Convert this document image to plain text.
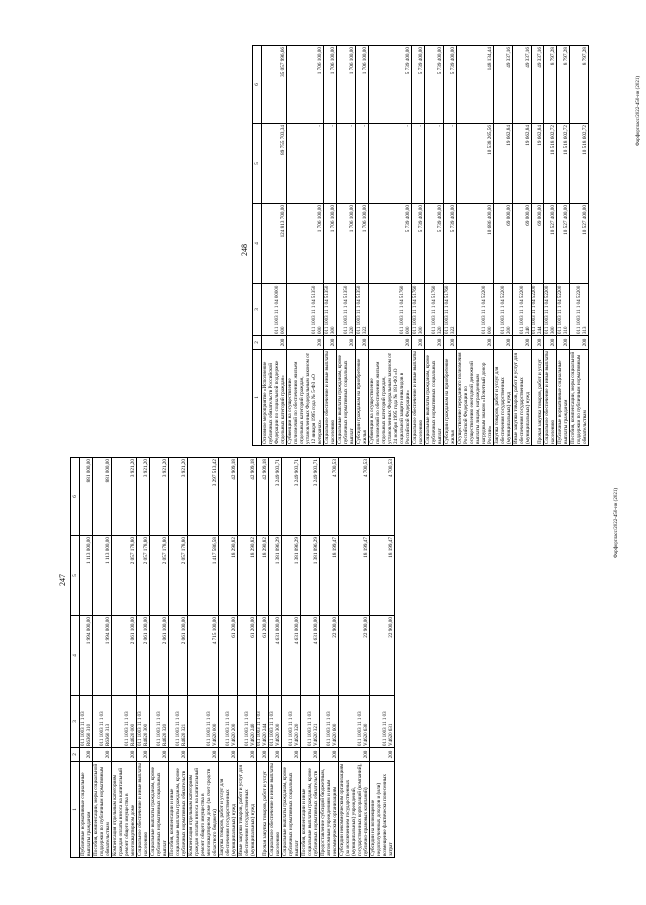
247
1	2	3	4	5	6
Публичные нормативные социальные выплаты гражданам	200	011 1003 11 1 03 R6360 310	1 994 000,00	1 113 000,00	881 000,00
Пособия, компенсации, меры социальной поддержки по публичным нормативным обязательствам	200	011 1003 11 1 03 R6360 313	1 994 000,00	1 113 000,00	881 000,00
Компенсация отдельным категориям граждан оплаты взноса на капитальный ремонт общего имущества в многоквартирном доме	200	011 1003 11 1 03 R4620 000	2 061 100,00	2 057 178,80	3 921,20
Социальное обеспечение и иные выплаты населению	200	011 1003 11 1 03 R4620 300	2 061 100,00	2 057 178,80	3 921,20
Социальные выплаты гражданам, кроме публичных нормативных социальных выплат	200	011 1003 11 1 03 R4620 320	2 061 100,00	2 057 178,80	3 921,20
Пособия, компенсации и иные социальные выплаты гражданам, кроме публичных нормативных обязательств	200	011 1003 11 1 03 R4620 321	2 061 100,00	2 057 178,80	3 921,20
Компенсация отдельным категориям граждан оплаты взноса на капитальный ремонт общего имущества в многоквартирном доме (за счет средств областного бюджета)	200	011 1003 11 1 03 V4620 000	4 715 100,00	1 417 586,58	3 297 513,42
Закупка товаров, работ и услуг для обеспечения государственных (муниципальных) нужд	200	011 1003 11 1 03 V4620 200	61 200,00	18 290,82	42 909,18
Иные закупки товаров, работ и услуг для обеспечения государственных (муниципальных) нужд	200	011 1003 11 1 03 V4620 240	61 200,00	18 290,82	42 909,18
Прочая закупка товаров, работ и услуг	200	011 1003 11 1 03 V4620 244	61 200,00	18 290,82	42 909,18
Социальное обеспечение и иные выплаты населению	200	011 1003 11 1 03 V4620 300	4 631 000,00	1 381 096,29	3 249 903,71
Социальные выплаты гражданам, кроме публичных нормативных социальных выплат	200	011 1003 11 1 03 V4620 320	4 631 000,00	1 381 096,29	3 249 903,71
Пособия, компенсации и иные социальные выплаты гражданам, кроме публичных нормативных обязательств	200	011 1003 11 1 03 V4620 321	4 631 000,00	1 381 096,29	3 249 903,71
Предоставление субсидий бюджетным, автономным учреждениям и иным некоммерческим организациям	200	011 1003 11 1 03 V4620 600	22 900,00	18 199,47	4 700,53
Субсидии некоммерческим организациям (за исключением государственных (муниципальных) учреждений, государственных корпораций (компаний), публично-правовых компаний)	200	011 1003 11 1 03 V4620 630	22 900,00	18 199,47	4 700,53
Субсидии на возмещение недополученных доходов и (или) возмещение фактически понесенных затрат	200	011 1003 11 1 03 V4620 631	22 900,00	18 199,47	4 700,53
Фарфоргласс/2022-450-нн (2021)
248
1	2	3	4	5	6
Основное мероприятие «Исполнение публичных обязательств Российской Федерации по социальной поддержке отдельных категорий граждан»	200	011 1003 11 1 04 00000 000	124 813 700,00	89 755 703,34	35 057 996,66
Субвенции на осуществление полномочий по обеспечению жильем отдельных категорий граждан, установленных Федеральным законом от 12 января 1995 года № 5-ФЗ «О ветеранах»	200	011 1003 11 1 04 51350 000	1 706 100,00	-	1 706 100,00
Социальное обеспечение и иные выплаты населению	200	011 1003 11 1 04 51350 300	1 706 100,00	-	1 706 100,00
Социальные выплаты гражданам, кроме публичных нормативных социальных выплат	200	011 1003 11 1 04 51350 320	1 706 100,00	-	1 706 100,00
Субсидии гражданам на приобретение жилья	200	011 1003 11 1 04 51350 322	1 706 100,00	-	1 706 100,00
Субвенции на осуществление полномочий по обеспечению жильем отдельных категорий граждан, установленных Федеральным законом от 24 ноября 1995 года № 181-ФЗ «О социальной защите инвалидов в Российской Федерации»	200	011 1003 11 1 04 51760 000	5 739 400,00	-	5 739 400,00
Социальное обеспечение и иные выплаты населению	200	011 1003 11 1 04 51760 300	5 739 400,00	-	5 739 400,00
Социальные выплаты гражданам, кроме публичных нормативных социальных выплат	200	011 1003 11 1 04 51760 320	5 739 400,00	-	5 739 400,00
Субсидии гражданам на приобретение жилья	200	011 1003 11 1 04 51760 322	5 739 400,00	-	5 739 400,00
Осуществление переданного полномочия Российской Федерации по осуществлению ежегодной денежной выплаты лицам, награжденным нагрудным знаком «Почетный донор России»	200	011 1003 11 1 04 52200 000	10 686 400,00	10 538 265,56	148 134,44
Закупка товаров, работ и услуг для обеспечения государственных (муниципальных) нужд	200	011 1003 11 1 04 52200 200	69 000,00	19 662,84	49 337,16
Иные закупки товаров, работ и услуг для обеспечения государственных (муниципальных) нужд	200	011 1003 11 1 04 52200 240	69 000,00	19 662,84	49 337,16
Прочая закупка товаров, работ и услуг	200	011 1003 11 1 04 52200 244	69 000,00	19 662,84	49 337,16
Социальное обеспечение и иные выплаты населению	200	011 1003 11 1 04 52200 300	10 527 400,00	10 518 602,72	8 797,28
Публичные нормативные социальные выплаты гражданам	200	011 1003 11 1 04 52200 310	10 527 400,00	10 518 602,72	8 797,28
Пособия, компенсации, меры социальной поддержки по публичным нормативным обязательствам	200	011 1003 11 1 04 52200 313	10 527 400,00	10 518 602,72	8 797,28
Фарфоргласс/2022-450-нн (2021)
